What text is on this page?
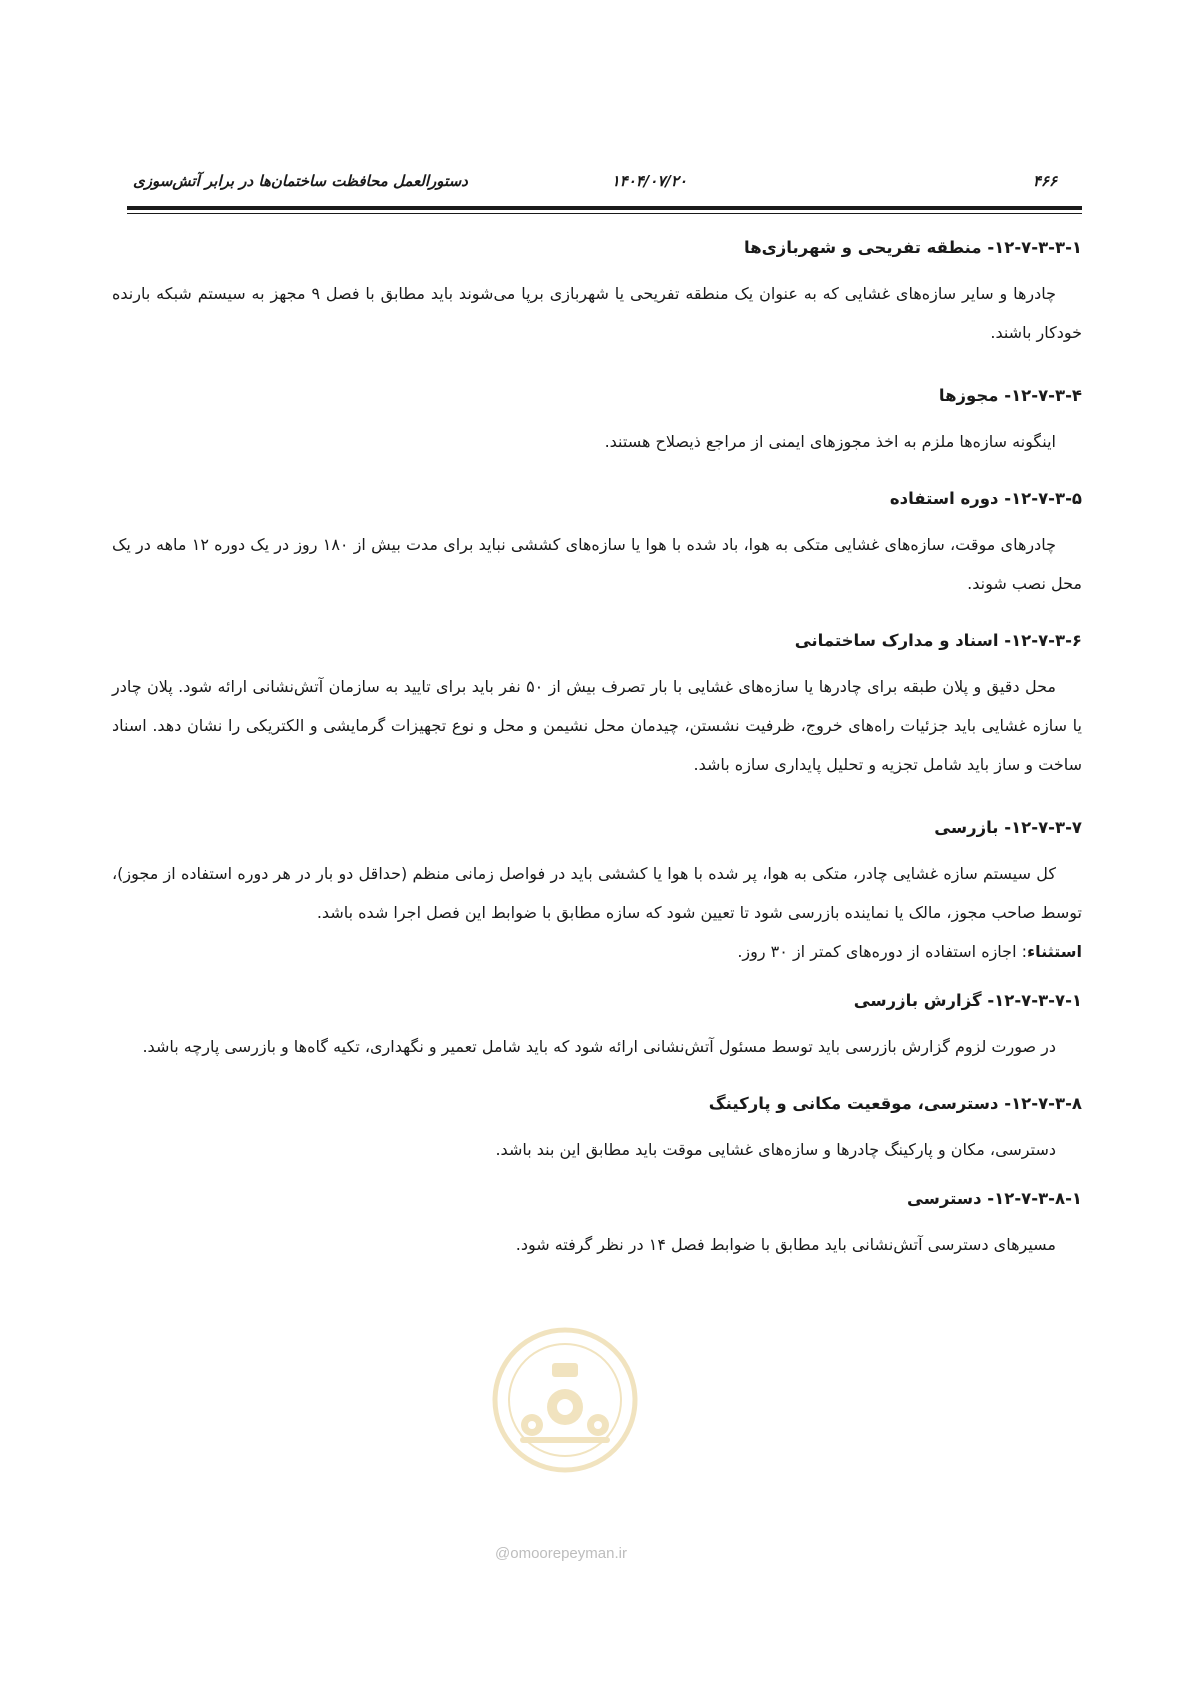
۴۶۶
۱۴۰۴/۰۷/۲۰
دستورالعمل محافظت ساختمان‌ها در برابر آتش‌سوزی
۱۲-۷-۳-۳-۱- منطقه تفریحی و شهربازی‌ها

چادرها و سایر سازه‌های غشایی که به عنوان یک منطقه تفریحی یا شهربازی برپا می‌شوند باید مطابق با فصل ۹ مجهز به سیستم شبکه بارنده خودکار باشند.

۱۲-۷-۳-۴- مجوزها

اینگونه سازه‌ها ملزم به اخذ مجوزهای ایمنی از مراجع ذیصلاح هستند.

۱۲-۷-۳-۵- دوره استفاده

چادرهای موقت، سازه‌های غشایی متکی به هوا، باد شده با هوا یا سازه‌های کششی نباید برای مدت بیش از ۱۸۰ روز در یک دوره ۱۲ ماهه در یک محل نصب شوند.

۱۲-۷-۳-۶- اسناد و مدارک ساختمانی

محل دقیق و پلان طبقه برای چادرها یا سازه‌های غشایی با بار تصرف بیش از ۵۰ نفر باید برای تایید به سازمان آتش‌نشانی ارائه شود. پلان چادر یا سازه غشایی باید جزئیات راه‌های خروج، ظرفیت نشستن، چیدمان محل نشیمن و محل و نوع تجهیزات گرمایشی و الکتریکی را نشان دهد. اسناد ساخت و ساز باید شامل تجزیه و تحلیل پایداری سازه باشد.

۱۲-۷-۳-۷- بازرسی

کل سیستم سازه غشایی چادر، متکی به هوا، پر شده با هوا یا کششی باید در فواصل زمانی منظم (حداقل دو بار در هر دوره استفاده از مجوز)، توسط صاحب مجوز، مالک یا نماینده بازرسی شود تا تعیین شود که سازه مطابق با ضوابط این فصل اجرا شده باشد.

استثناء: اجازه استفاده از دوره‌های کمتر از ۳۰ روز.

۱۲-۷-۳-۷-۱- گزارش بازرسی

در صورت لزوم گزارش بازرسی باید توسط مسئول آتش‌نشانی ارائه شود که باید شامل تعمیر و نگهداری، تکیه گاه‌ها و بازرسی پارچه باشد.

۱۲-۷-۳-۸- دسترسی، موقعیت مکانی و پارکینگ

دسترسی، مکان و پارکینگ چادرها و سازه‌های غشایی موقت باید مطابق این بند باشد.

۱۲-۷-۳-۸-۱- دسترسی

مسیرهای دسترسی آتش‌نشانی باید مطابق با ضوابط فصل ۱۴ در نظر گرفته شود.

@omoorepeyman.ir
